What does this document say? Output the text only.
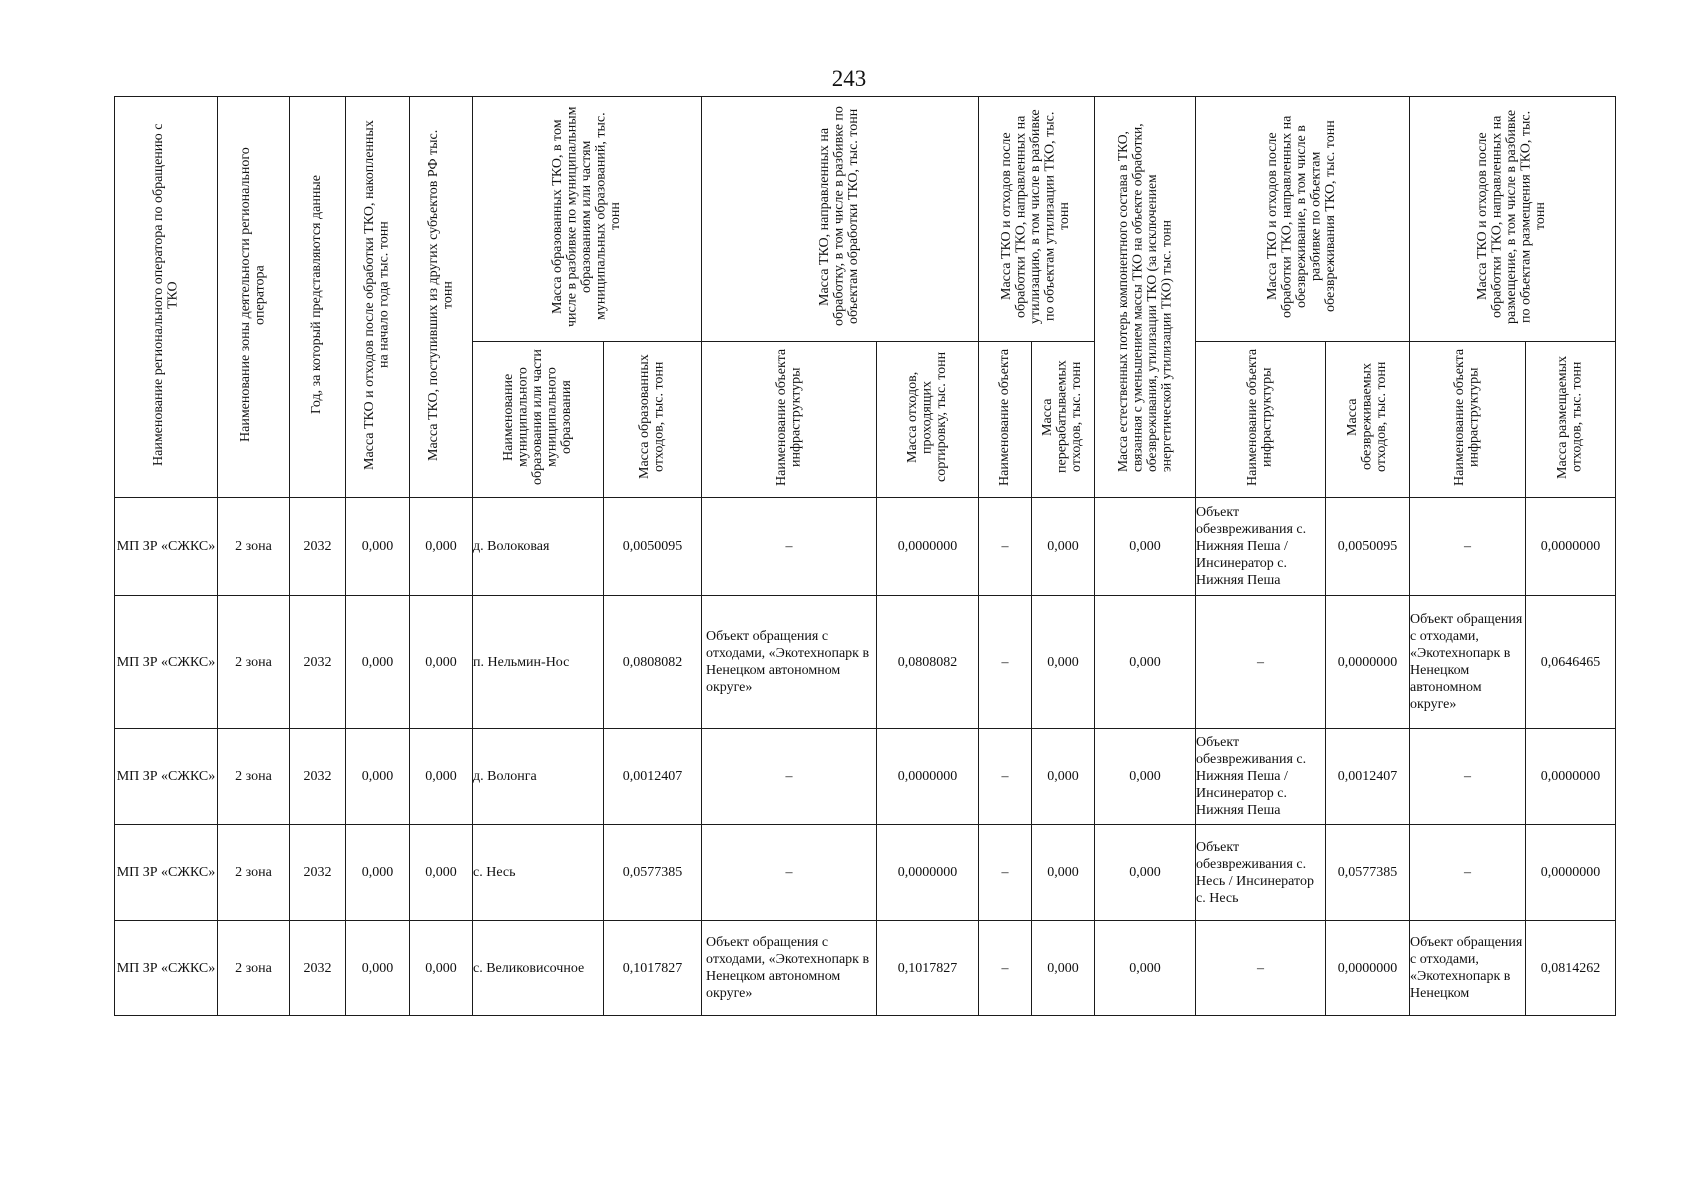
243
Наименование регионального оператора по обращению с ТКО	Наименование зоны деятельности регионального оператора	Год, за который представляются данные	Масса ТКО и отходов после обработки ТКО, накопленных на начало года тыс. тонн	Масса ТКО, поступивших из других субъектов РФ тыс. тонн	Масса образованных ТКО, в том числе в разбивке по муниципальным образованиям или частям муниципальных образований, тыс. тонн		Масса ТКО, направленных на обработку, в том числе в разбивке по объектам обработки ТКО, тыс. тонн		Масса ТКО и отходов после обработки ТКО, направленных на утилизацию, в том числе в разбивке по объектам утилизации ТКО, тыс. тонн		Масса естественных потерь компонентного состава в ТКО, связанная с уменьшением массы ТКО на объекте обработки, обезвреживания, утилизации ТКО (за исключением энергетической утилизации ТКО) тыс. тонн	Масса ТКО и отходов после обработки ТКО, направленных на обезвреживание, в том числе в разбивке по объектам обезвреживания ТКО, тыс. тонн		Масса ТКО и отходов после обработки ТКО, направленных на размещение, в том числе в разбивке по объектам размещения ТКО, тыс. тонн	
					Наименование муниципального образования или части муниципального образования	Масса образованных отходов, тыс. тонн	Наименование объекта инфраструктуры	Масса отходов, проходящих сортировку, тыс. тонн	Наименование объекта	Масса перерабатываемых отходов, тыс. тонн		Наименование объекта инфраструктуры	Масса обезвреживаемых отходов, тыс. тонн	Наименование объекта инфраструктуры	Масса размещаемых отходов, тыс. тонн
МП ЗР «СЖКС»	2 зона	2032	0,000	0,000	д. Волоковая	0,0050095	–	0,0000000	–	0,000	0,000	Объект обезвреживания с. Нижняя Пеша / Инсинератор с. Нижняя Пеша	0,0050095	–	0,0000000
МП ЗР «СЖКС»	2 зона	2032	0,000	0,000	п. Нельмин-Нос	0,0808082	Объект обращения с отходами, «Экотехнопарк в Ненецком автономном округе»	0,0808082	–	0,000	0,000	–	0,0000000	Объект обращения с отходами, «Экотехнопарк в Ненецком автономном округе»	0,0646465
МП ЗР «СЖКС»	2 зона	2032	0,000	0,000	д. Волонга	0,0012407	–	0,0000000	–	0,000	0,000	Объект обезвреживания с. Нижняя Пеша / Инсинератор с. Нижняя Пеша	0,0012407	–	0,0000000
МП ЗР «СЖКС»	2 зона	2032	0,000	0,000	с. Несь	0,0577385	–	0,0000000	–	0,000	0,000	Объект обезвреживания с. Несь / Инсинератор с. Несь	0,0577385	–	0,0000000
МП ЗР «СЖКС»	2 зона	2032	0,000	0,000	с. Великовисочное	0,1017827	Объект обращения с отходами, «Экотехнопарк в Ненецком автономном округе»	0,1017827	–	0,000	0,000	–	0,0000000	Объект обращения с отходами, «Экотехнопарк в Ненецком	0,0814262
